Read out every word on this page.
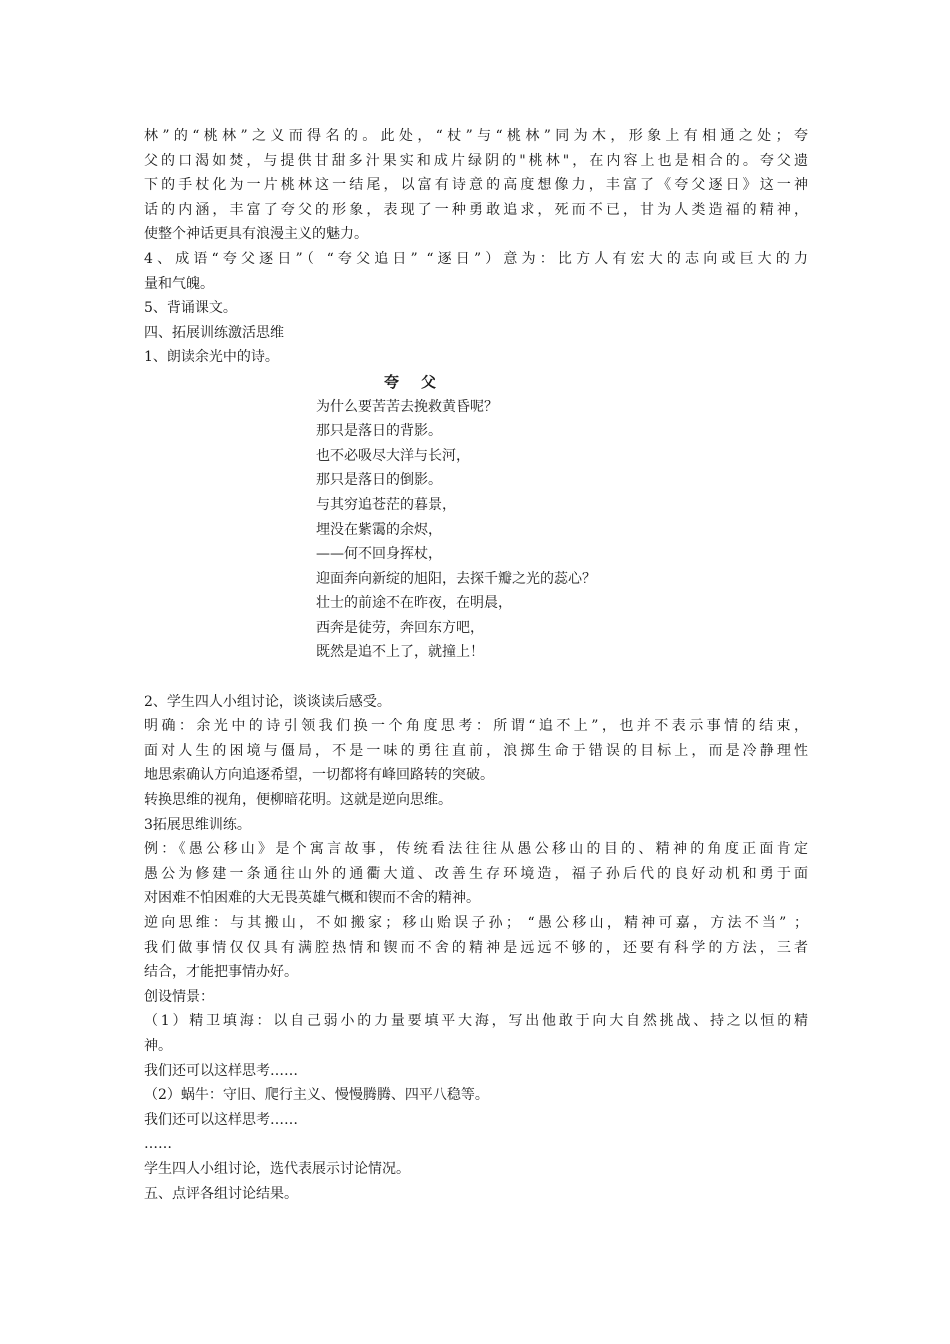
林”的“桃林”之义而得名的。此处，“杖”与“桃林”同为木，形象上有相通之处；夸
父的口渴如焚，与提供甘甜多汁果实和成片绿阴的"桃林"，在内容上也是相合的。夸父遗
下的手杖化为一片桃林这一结尾，以富有诗意的高度想像力，丰富了《夸父逐日》这一神
话的内涵，丰富了夸父的形象，表现了一种勇敢追求，死而不已，甘为人类造福的精神，
使整个神话更具有浪漫主义的魅力。

4、成语“夸父逐日”（ “夸父追日” “逐日”）意为：比方人有宏大的志向或巨大的力
量和气魄。

5、背诵课文。

四、拓展训练激活思维

1、朗读余光中的诗。

夸父
为什么要苦苦去挽救黄昏呢？
那只是落日的背影。
也不必吸尽大洋与长河，
那只是落日的倒影。
与其穷追苍茫的暮景，
埋没在紫霭的余烬，
——何不回身挥杖，
迎面奔向新绽的旭阳，去探千瓣之光的蕊心？
壮士的前途不在昨夜，在明晨，
西奔是徒劳，奔回东方吧，
既然是追不上了，就撞上！

2、学生四人小组讨论，谈谈读后感受。

明确：余光中的诗引领我们换一个角度思考：所谓“追不上”，也并不表示事情的结束，
面对人生的困境与僵局，不是一味的勇往直前，浪掷生命于错误的目标上，而是冷静理性
地思索确认方向追逐希望，一切都将有峰回路转的突破。

转换思维的视角，便柳暗花明。这就是逆向思维。

3拓展思维训练。

例：《愚公移山》是个寓言故事，传统看法往往从愚公移山的目的、精神的角度正面肯定
愚公为修建一条通往山外的通衢大道、改善生存环境造，福子孙后代的良好动机和勇于面
对困难不怕困难的大无畏英雄气概和锲而不舍的精神。

逆向思维：与其搬山，不如搬家；移山贻误子孙； “愚公移山，精神可嘉，方法不当” ；
我们做事情仅仅具有满腔热情和锲而不舍的精神是远远不够的，还要有科学的方法，三者
结合，才能把事情办好。

创设情景：

（1）精卫填海：以自己弱小的力量要填平大海，写出他敢于向大自然挑战、持之以恒的精
神。

我们还可以这样思考……

（2）蜗牛：守旧、爬行主义、慢慢腾腾、四平八稳等。

我们还可以这样思考……

……

学生四人小组讨论，选代表展示讨论情况。

五、点评各组讨论结果。
